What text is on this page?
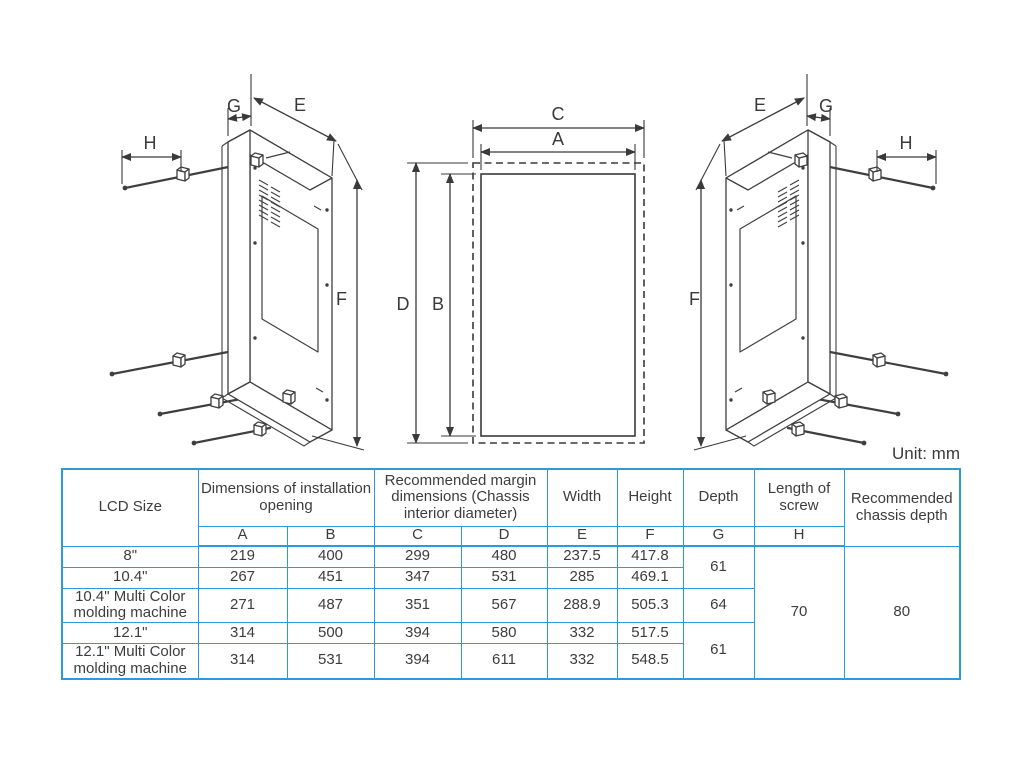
G	E
H
F
E	G
H
F
C
A
D B
Unit: mm
LCD Size	Dimensions of installation opening		Recommended margin dimensions (Chassis interior diameter)		Width	Height	Depth	Length of screw	Recommended chassis depth
	A	B	C	D	E	F	G	H	
8"	219	400	299	480	237.5	417.8	61	70	80
10.4"	267	451	347	531	285	469.1			
10.4" Multi Color molding machine	271	487	351	567	288.9	505.3	64		
12.1"	314	500	394	580	332	517.5	61		
12.1" Multi Color molding machine	314	531	394	611	332	548.5			
